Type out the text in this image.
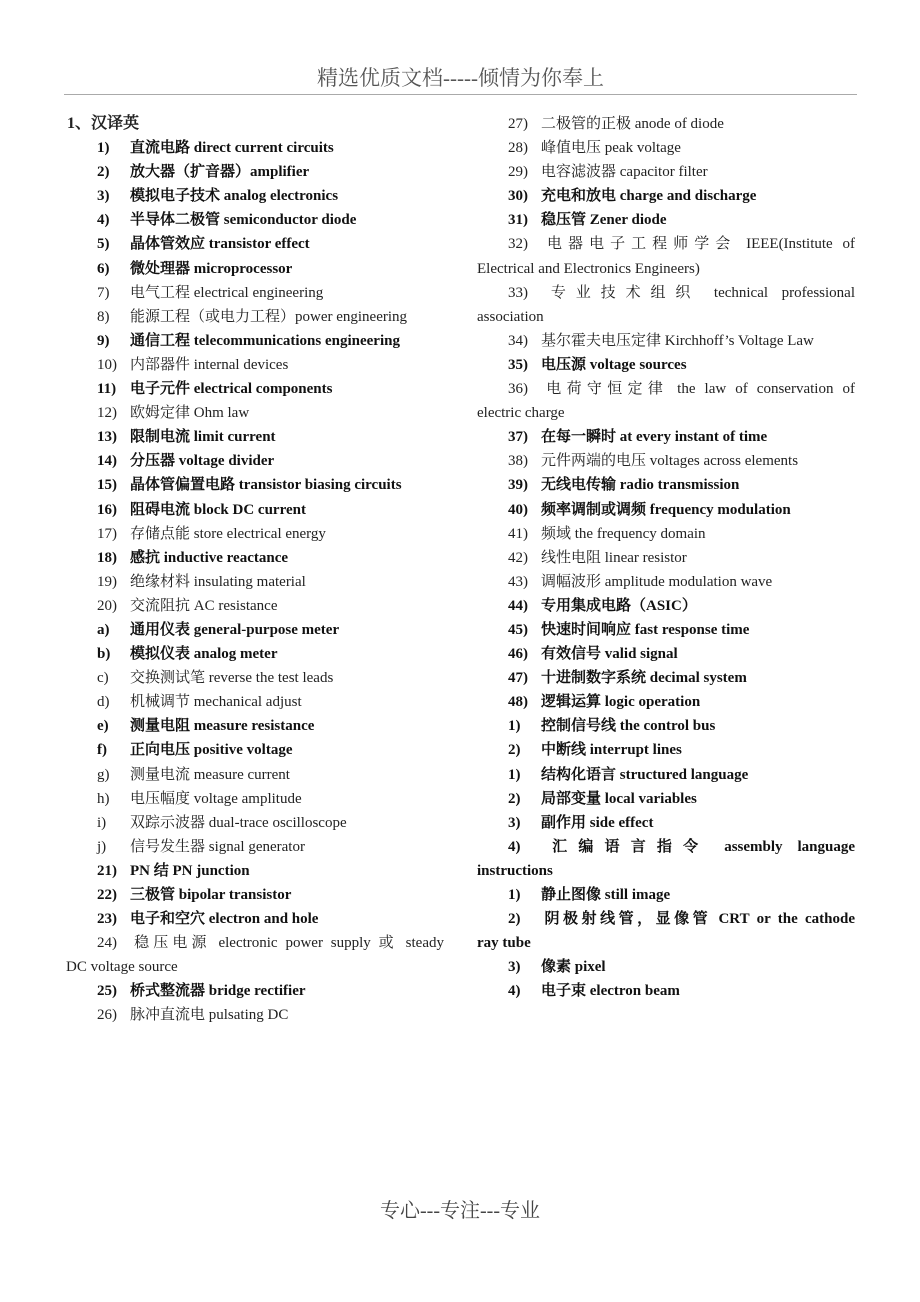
精选优质文档-----倾情为你奉上
1、汉译英
1) 直流电路 direct current circuits
2) 放大器（扩音器）amplifier
3) 模拟电子技术 analog electronics
4) 半导体二极管 semiconductor diode
5) 晶体管效应 transistor effect
6) 微处理器 microprocessor
7) 电气工程 electrical engineering
8) 能源工程（或电力工程）power engineering
9) 通信工程 telecommunications engineering
10) 内部器件 internal devices
11) 电子元件 electrical components
12) 欧姆定律 Ohm law
13) 限制电流 limit current
14) 分压器 voltage divider
15) 晶体管偏置电路 transistor biasing circuits
16) 阻碍电流 block DC current
17) 存储点能 store electrical energy
18) 感抗 inductive reactance
19) 绝缘材料 insulating material
20) 交流阻抗 AC resistance
a) 通用仪表 general-purpose meter
b) 模拟仪表 analog meter
c) 交换测试笔 reverse the test leads
d) 机械调节 mechanical adjust
e) 测量电阻 measure resistance
f) 正向电压 positive voltage
g) 测量电流 measure current
h) 电压幅度 voltage amplitude
i) 双踪示波器 dual-trace oscilloscope
j) 信号发生器 signal generator
21) PN 结 PN junction
22) 三极管 bipolar transistor
23) 电子和空穴 electron and hole
24) 稳压电源 electronic power supply 或 steady
DC voltage source
25) 桥式整流器 bridge rectifier
26) 脉冲直流电 pulsating DC
27) 二极管的正极 anode of diode
28) 峰值电压 peak voltage
29) 电容滤波器 capacitor filter
30) 充电和放电 charge and discharge
31) 稳压管 Zener diode
32) 电器电子工程师学会 IEEE(Institute of
Electrical and Electronics Engineers)
33) 专业技术组织 technical professional
association
34) 基尔霍夫电压定律 Kirchhoff’s Voltage Law
35) 电压源 voltage sources
36) 电荷守恒定律 the law of conservation of
electric charge
37) 在每一瞬时 at every instant of time
38) 元件两端的电压 voltages across elements
39) 无线电传输 radio transmission
40) 频率调制或调频 frequency modulation
41) 频域 the frequency domain
42) 线性电阻 linear resistor
43) 调幅波形 amplitude modulation wave
44) 专用集成电路（ASIC）
45) 快速时间响应 fast response time
46) 有效信号 valid signal
47) 十进制数字系统 decimal system
48) 逻辑运算 logic operation
1) 控制信号线 the control bus
2) 中断线 interrupt lines
1) 结构化语言 structured language
2) 局部变量 local variables
3) 副作用 side effect
4) 汇编语言指令 assembly language
instructions
1) 静止图像 still image
2) 阴极射线管，显像管 CRT or the cathode
ray tube
3) 像素 pixel
4) 电子束 electron beam
专心---专注---专业
